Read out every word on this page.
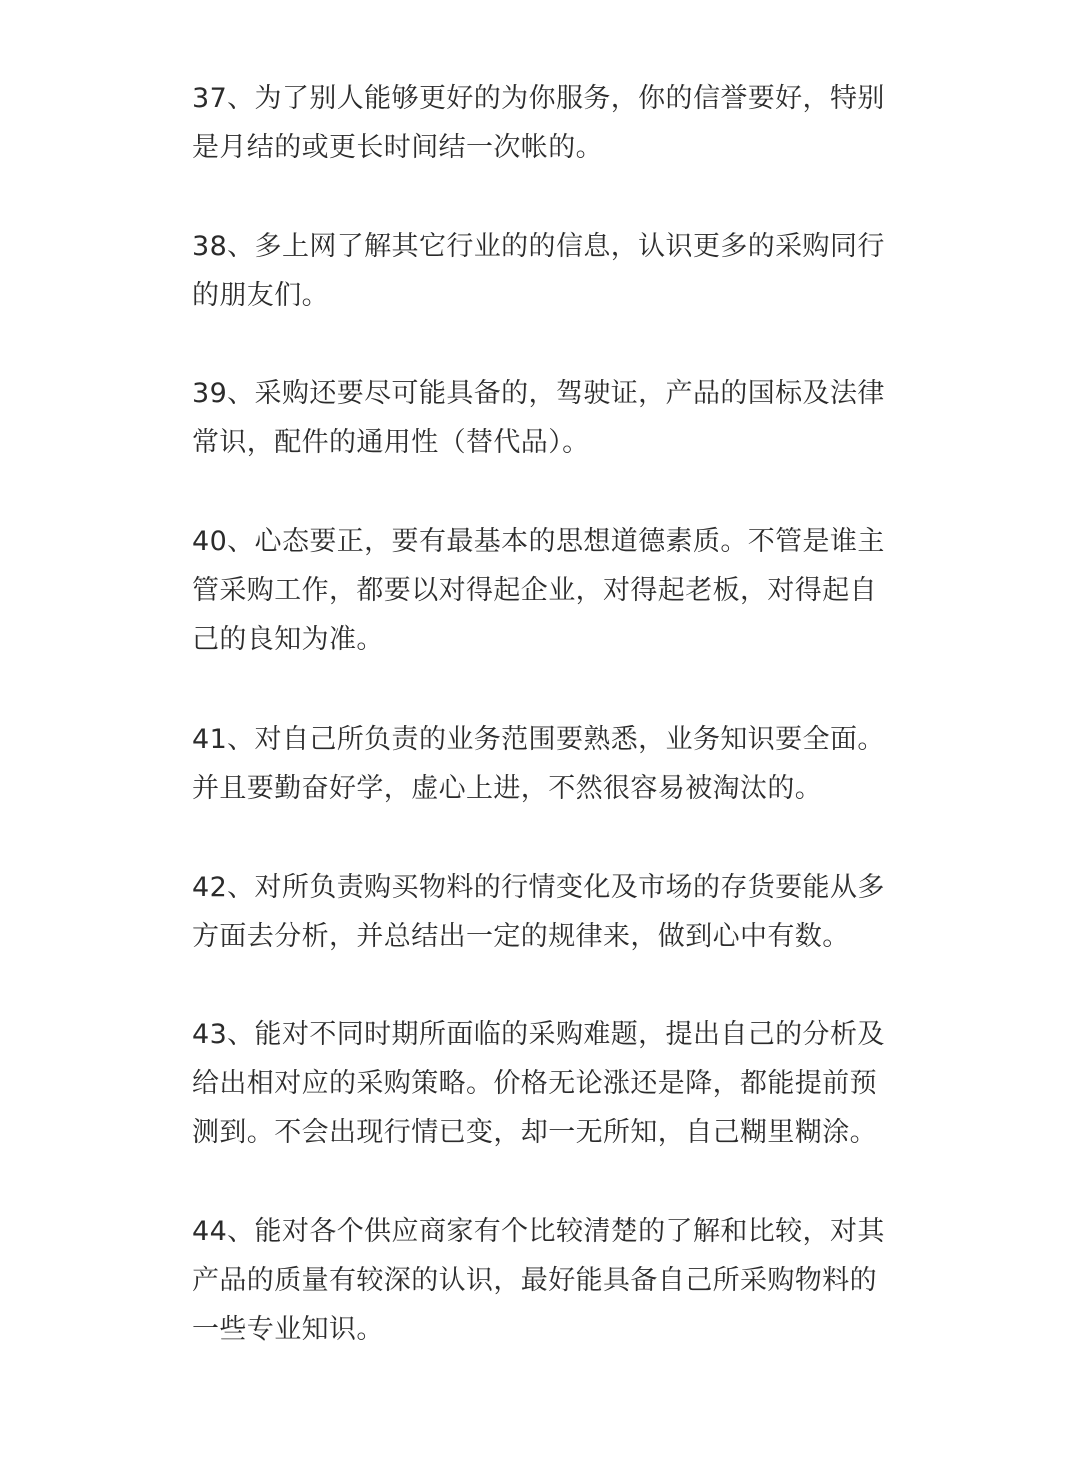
37、为了别人能够更好的为你服务，你的信誉要好，特别
是月结的或更长时间结一次帐的。

38、多上网了解其它行业的的信息，认识更多的采购同行
的朋友们。

39、采购还要尽可能具备的，驾驶证，产品的国标及法律
常识，配件的通用性（替代品）。

40、心态要正，要有最基本的思想道德素质。不管是谁主
管采购工作，都要以对得起企业，对得起老板，对得起自
己的良知为准。

41、对自己所负责的业务范围要熟悉，业务知识要全面。
并且要勤奋好学，虚心上进，不然很容易被淘汰的。

42、对所负责购买物料的行情变化及市场的存货要能从多
方面去分析，并总结出一定的规律来，做到心中有数。

43、能对不同时期所面临的采购难题，提出自己的分析及
给出相对应的采购策略。价格无论涨还是降，都能提前预
测到。不会出现行情已变，却一无所知，自己糊里糊涂。

44、能对各个供应商家有个比较清楚的了解和比较，对其
产品的质量有较深的认识，最好能具备自己所采购物料的
一些专业知识。
